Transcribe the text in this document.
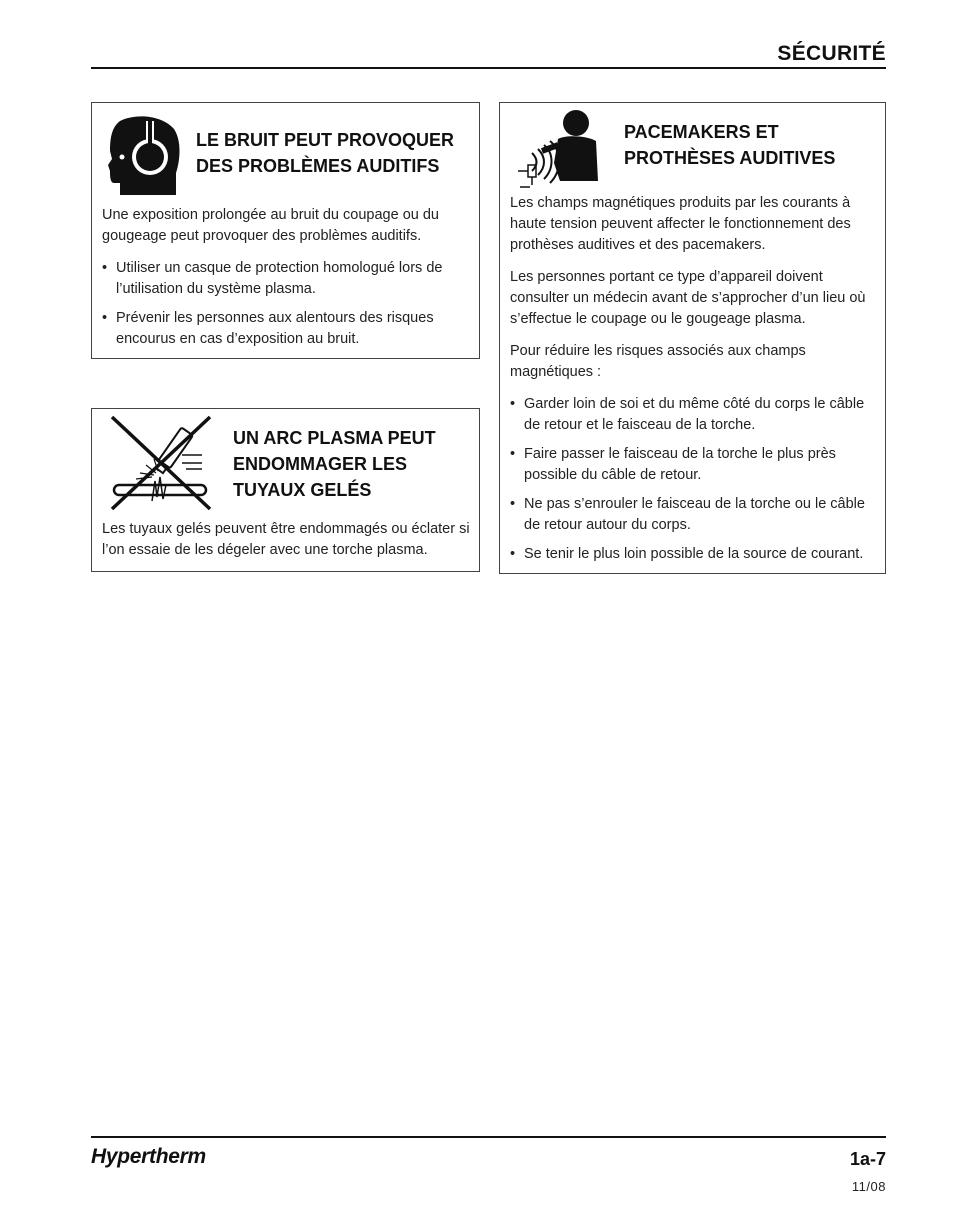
SÉCURITÉ
LE BRUIT PEUT PROVOQUER
DES PROBLÈMES AUDITIFS

Une exposition prolongée au bruit du coupage ou du gougeage peut provoquer des problèmes auditifs.

• Utiliser un casque de protection homologué lors de l’utilisation du système plasma.
• Prévenir les personnes aux alentours des risques encourus en cas d’exposition au bruit.
UN ARC PLASMA PEUT
ENDOMMAGER LES
TUYAUX GELÉS

Les tuyaux gelés peuvent être endommagés ou éclater si l’on essaie de les dégeler avec une torche plasma.

PACEMAKERS ET
PROTHÈSES AUDITIVES

Les champs magnétiques produits par les courants à haute tension peuvent affecter le fonctionnement des prothèses auditives et des pacemakers.

Les personnes portant ce type d’appareil doivent consulter un médecin avant de s’approcher d’un lieu où s’effectue le coupage ou le gougeage plasma.

Pour réduire les risques associés aux champs magnétiques :

• Garder loin de soi et du même côté du corps le câble de retour et le faisceau de la torche.
• Faire passer le faisceau de la torche le plus près possible du câble de retour.
• Ne pas s’enrouler le faisceau de la torche ou le câble de retour autour du corps.
• Se tenir le plus loin possible de la source de courant.
Hypertherm	1a-7
11/08
